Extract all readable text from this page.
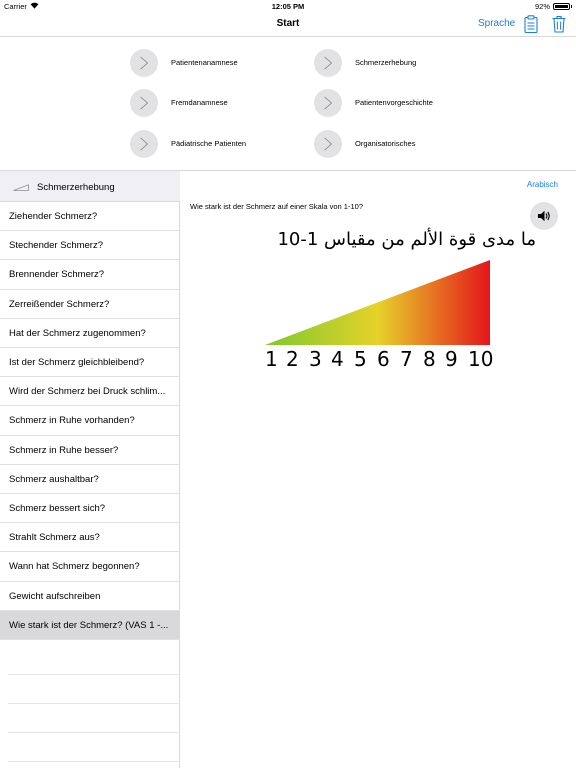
Carrier	12:05 PM	92%
Start	Sprache
Patientenanamnese	Schmerzerhebung
Fremdanamnese	Patientenvorgeschichte
Pädiatrische Patienten	Organisatorisches
Schmerzerhebung
Ziehender Schmerz?
Stechender Schmerz?
Brennender Schmerz?
Zerreißender Schmerz?
Hat der Schmerz zugenommen?
Ist der Schmerz gleichbleibend?
Wird der Schmerz bei Druck schlim...
Schmerz in Ruhe vorhanden?
Schmerz in Ruhe besser?
Schmerz aushaltbar?
Schmerz bessert sich?
Strahlt Schmerz aus?
Wann hat Schmerz begonnen?
Gewicht aufschreiben
Wie stark ist der Schmerz? (VAS 1 -...
Arabisch
Wie stark ist der Schmerz auf einer Skala von 1-10?
ما مدى قوة الألم من مقياس 1-10
1 2 3 4 5 6 7 8 9 10
